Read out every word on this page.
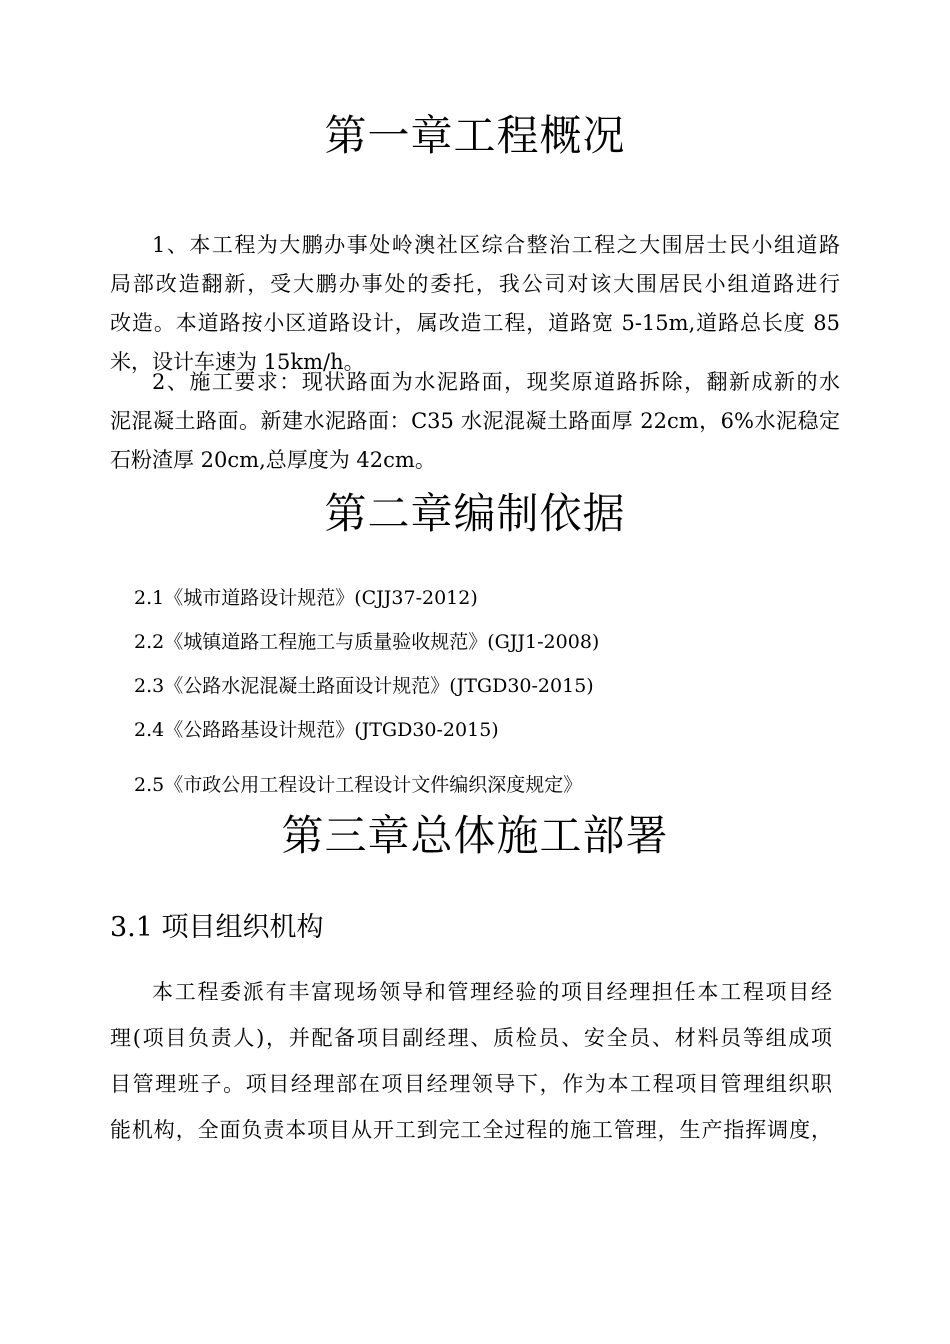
第一章工程概况
1、本工程为大鹏办事处岭澳社区综合整治工程之大围居士民小组道路
局部改造翻新，受大鹏办事处的委托，我公司对该大围居民小组道路进行
改造。本道路按小区道路设计，属改造工程，道路宽 5-15m,道路总长度 85
米，设计车速为 15km/h。
2、施工要求：现状路面为水泥路面，现奖原道路拆除，翻新成新的水
泥混凝土路面。新建水泥路面：C35 水泥混凝土路面厚 22cm，6%水泥稳定
石粉渣厚 20cm,总厚度为 42cm。
第二章编制依据
2.1《城市道路设计规范》(CJJ37-2012)
2.2《城镇道路工程施工与质量验收规范》(GJJ1-2008)
2.3《公路水泥混凝土路面设计规范》(JTGD30-2015)
2.4《公路路基设计规范》(JTGD30-2015)
2.5《市政公用工程设计工程设计文件编织深度规定》
第三章总体施工部署
3.1 项目组织机构
本工程委派有丰富现场领导和管理经验的项目经理担任本工程项目经
理(项目负责人)，并配备项目副经理、质检员、安全员、材料员等组成项
目管理班子。项目经理部在项目经理领导下，作为本工程项目管理组织职
能机构，全面负责本项目从开工到完工全过程的施工管理，生产指挥调度，
